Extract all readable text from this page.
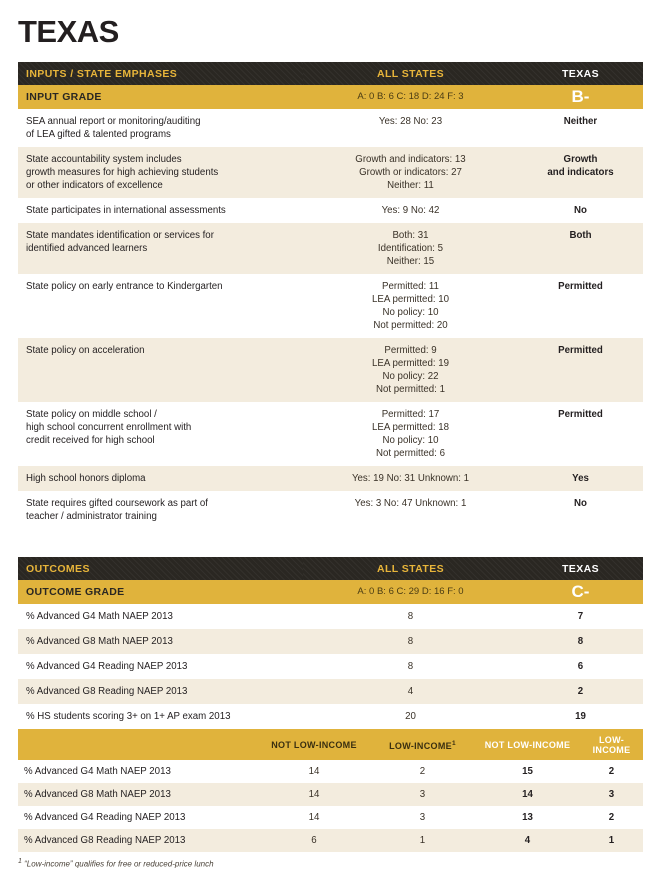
TEXAS
INPUTS / STATE EMPHASES	ALL STATES	TEXAS
INPUT GRADE	A: 0 B: 6 C: 18 D: 24 F: 3	B-
SEA annual report or monitoring/auditing
of LEA gifted & talented programs	Yes: 28 No: 23	Neither
State accountability system includes
growth measures for high achieving students
or other indicators of excellence	Growth and indicators: 13
Growth or indicators: 27
Neither: 11	Growth
and indicators
State participates in international assessments	Yes: 9 No: 42	No
State mandates identification or services for
identified advanced learners	Both: 31
Identification: 5
Neither: 15	Both
State policy on early entrance to Kindergarten	Permitted: 11
LEA permitted: 10
No policy: 10
Not permitted: 20	Permitted
State policy on acceleration	Permitted: 9
LEA permitted: 19
No policy: 22
Not permitted: 1	Permitted
State policy on middle school /
high school concurrent enrollment with
credit received for high school	Permitted: 17
LEA permitted: 18
No policy: 10
Not permitted: 6	Permitted
High school honors diploma	Yes: 19 No: 31 Unknown: 1	Yes
State requires gifted coursework as part of
teacher / administrator training	Yes: 3 No: 47 Unknown: 1	No
OUTCOMES	ALL STATES	TEXAS
OUTCOME GRADE	A: 0 B: 6 C: 29 D: 16 F: 0	C-
% Advanced G4 Math NAEP 2013	8	7
% Advanced G8 Math NAEP 2013	8	8
% Advanced G4 Reading NAEP 2013	8	6
% Advanced G8 Reading NAEP 2013	4	2
% HS students scoring 3+ on 1+ AP exam 2013	20	19
	NOT LOW-INCOME	LOW-INCOME$^1$	NOT LOW-INCOME	LOW-INCOME
% Advanced G4 Math NAEP 2013	14	2	15	2
% Advanced G8 Math NAEP 2013	14	3	14	3
% Advanced G4 Reading NAEP 2013	14	3	13	2
% Advanced G8 Reading NAEP 2013	6	1	4	1
$^1$ “Low-income” qualifies for free or reduced-price lunch
